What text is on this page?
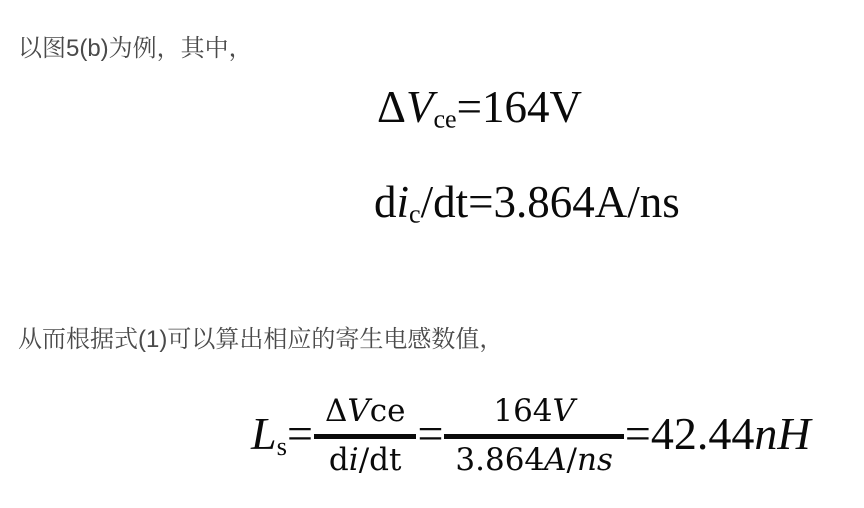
以图5(b)为例，其中，

$\Delta V_{ce}=164V$
$di_c/dt=3.864A/ns$

从而根据式(1)可以算出相应的寄生电感数值，

$L_s = \Delta Vce$
di/dt
= 164V
3.864A/ns
= 42.44nH
